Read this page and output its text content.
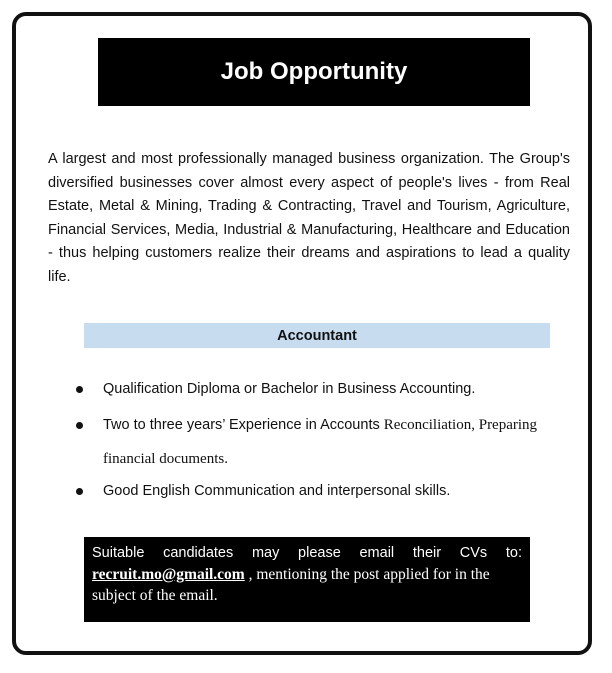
Job Opportunity

A largest and most professionally managed business organization. The Group's diversified businesses cover almost every aspect of people's lives - from Real Estate, Metal & Mining, Trading & Contracting, Travel and Tourism, Agriculture, Financial Services, Media, Industrial & Manufacturing, Healthcare and Education - thus helping customers realize their dreams and aspirations to lead a quality life.

Accountant
Qualification Diploma or Bachelor in Business Accounting.
Two to three years’ Experience in Accounts Reconciliation, Preparing financial documents.
Good English Communication and interpersonal skills.
Suitable candidates may please email their CVs to:
recruit.mo@gmail.com , mentioning the post applied for in the subject of the email.
